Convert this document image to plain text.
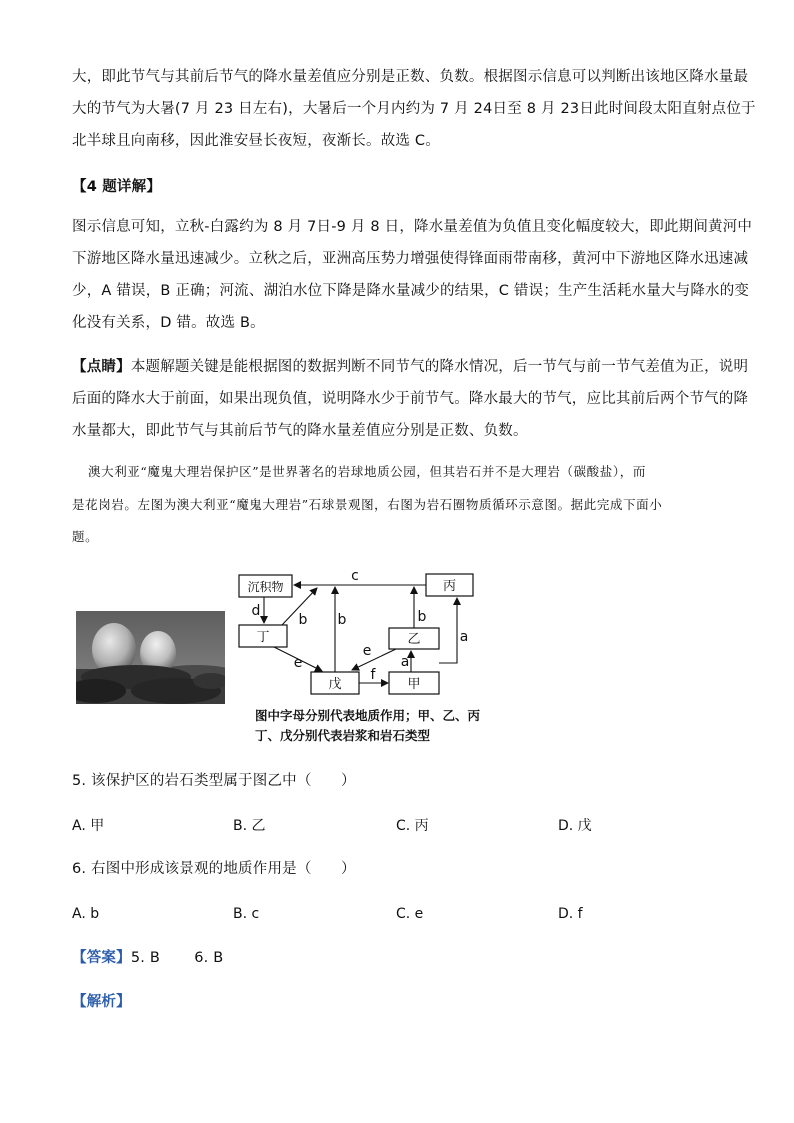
大，即此节气与其前后节气的降水量差值应分别是正数、负数。根据图示信息可以判断出该地区降水量最
大的节气为大暑(7 月 23 日左右)，大暑后一个月内约为 7 月 24日至 8 月 23日此时间段太阳直射点位于
北半球且向南移，因此淮安昼长夜短，夜渐长。故选 C。
【4 题详解】
图示信息可知，立秋-白露约为 8 月 7日-9 月 8 日，降水量差值为负值且变化幅度较大，即此期间黄河中
下游地区降水量迅速减少。立秋之后，亚洲高压势力增强使得锋面雨带南移，黄河中下游地区降水迅速减
少，A 错误，B 正确；河流、湖泊水位下降是降水量减少的结果，C 错误；生产生活耗水量大与降水的变
化没有关系，D 错。故选 B。
【点睛】本题解题关键是能根据图的数据判断不同节气的降水情况，后一节气与前一节气差值为正，说明
后面的降水大于前面，如果出现负值，说明降水少于前节气。降水最大的节气，应比其前后两个节气的降
水量都大，即此节气与其前后节气的降水量差值应分别是正数、负数。
澳大利亚“魔鬼大理岩保护区”是世界著名的岩球地质公园，但其岩石并不是大理岩（碳酸盐），而
是花岗岩。左图为澳大利亚“魔鬼大理岩”石球景观图，右图为岩石圈物质循环示意图。据此完成下面小
题。
沉积物	丙
丁	乙
戊	甲
c
d
b b	b
a
a
e
e
f
图中字母分别代表地质作用；甲、乙、丙
丁、戊分别代表岩浆和岩石类型
5. 该保护区的岩石类型属于图乙中（　　）
A. 甲	B. 乙	C. 丙	D. 戊
6. 右图中形成该景观的地质作用是（　　）
A. b	B. c	C. e	D. f
【答案】5. B　　 6. B
【解析】
